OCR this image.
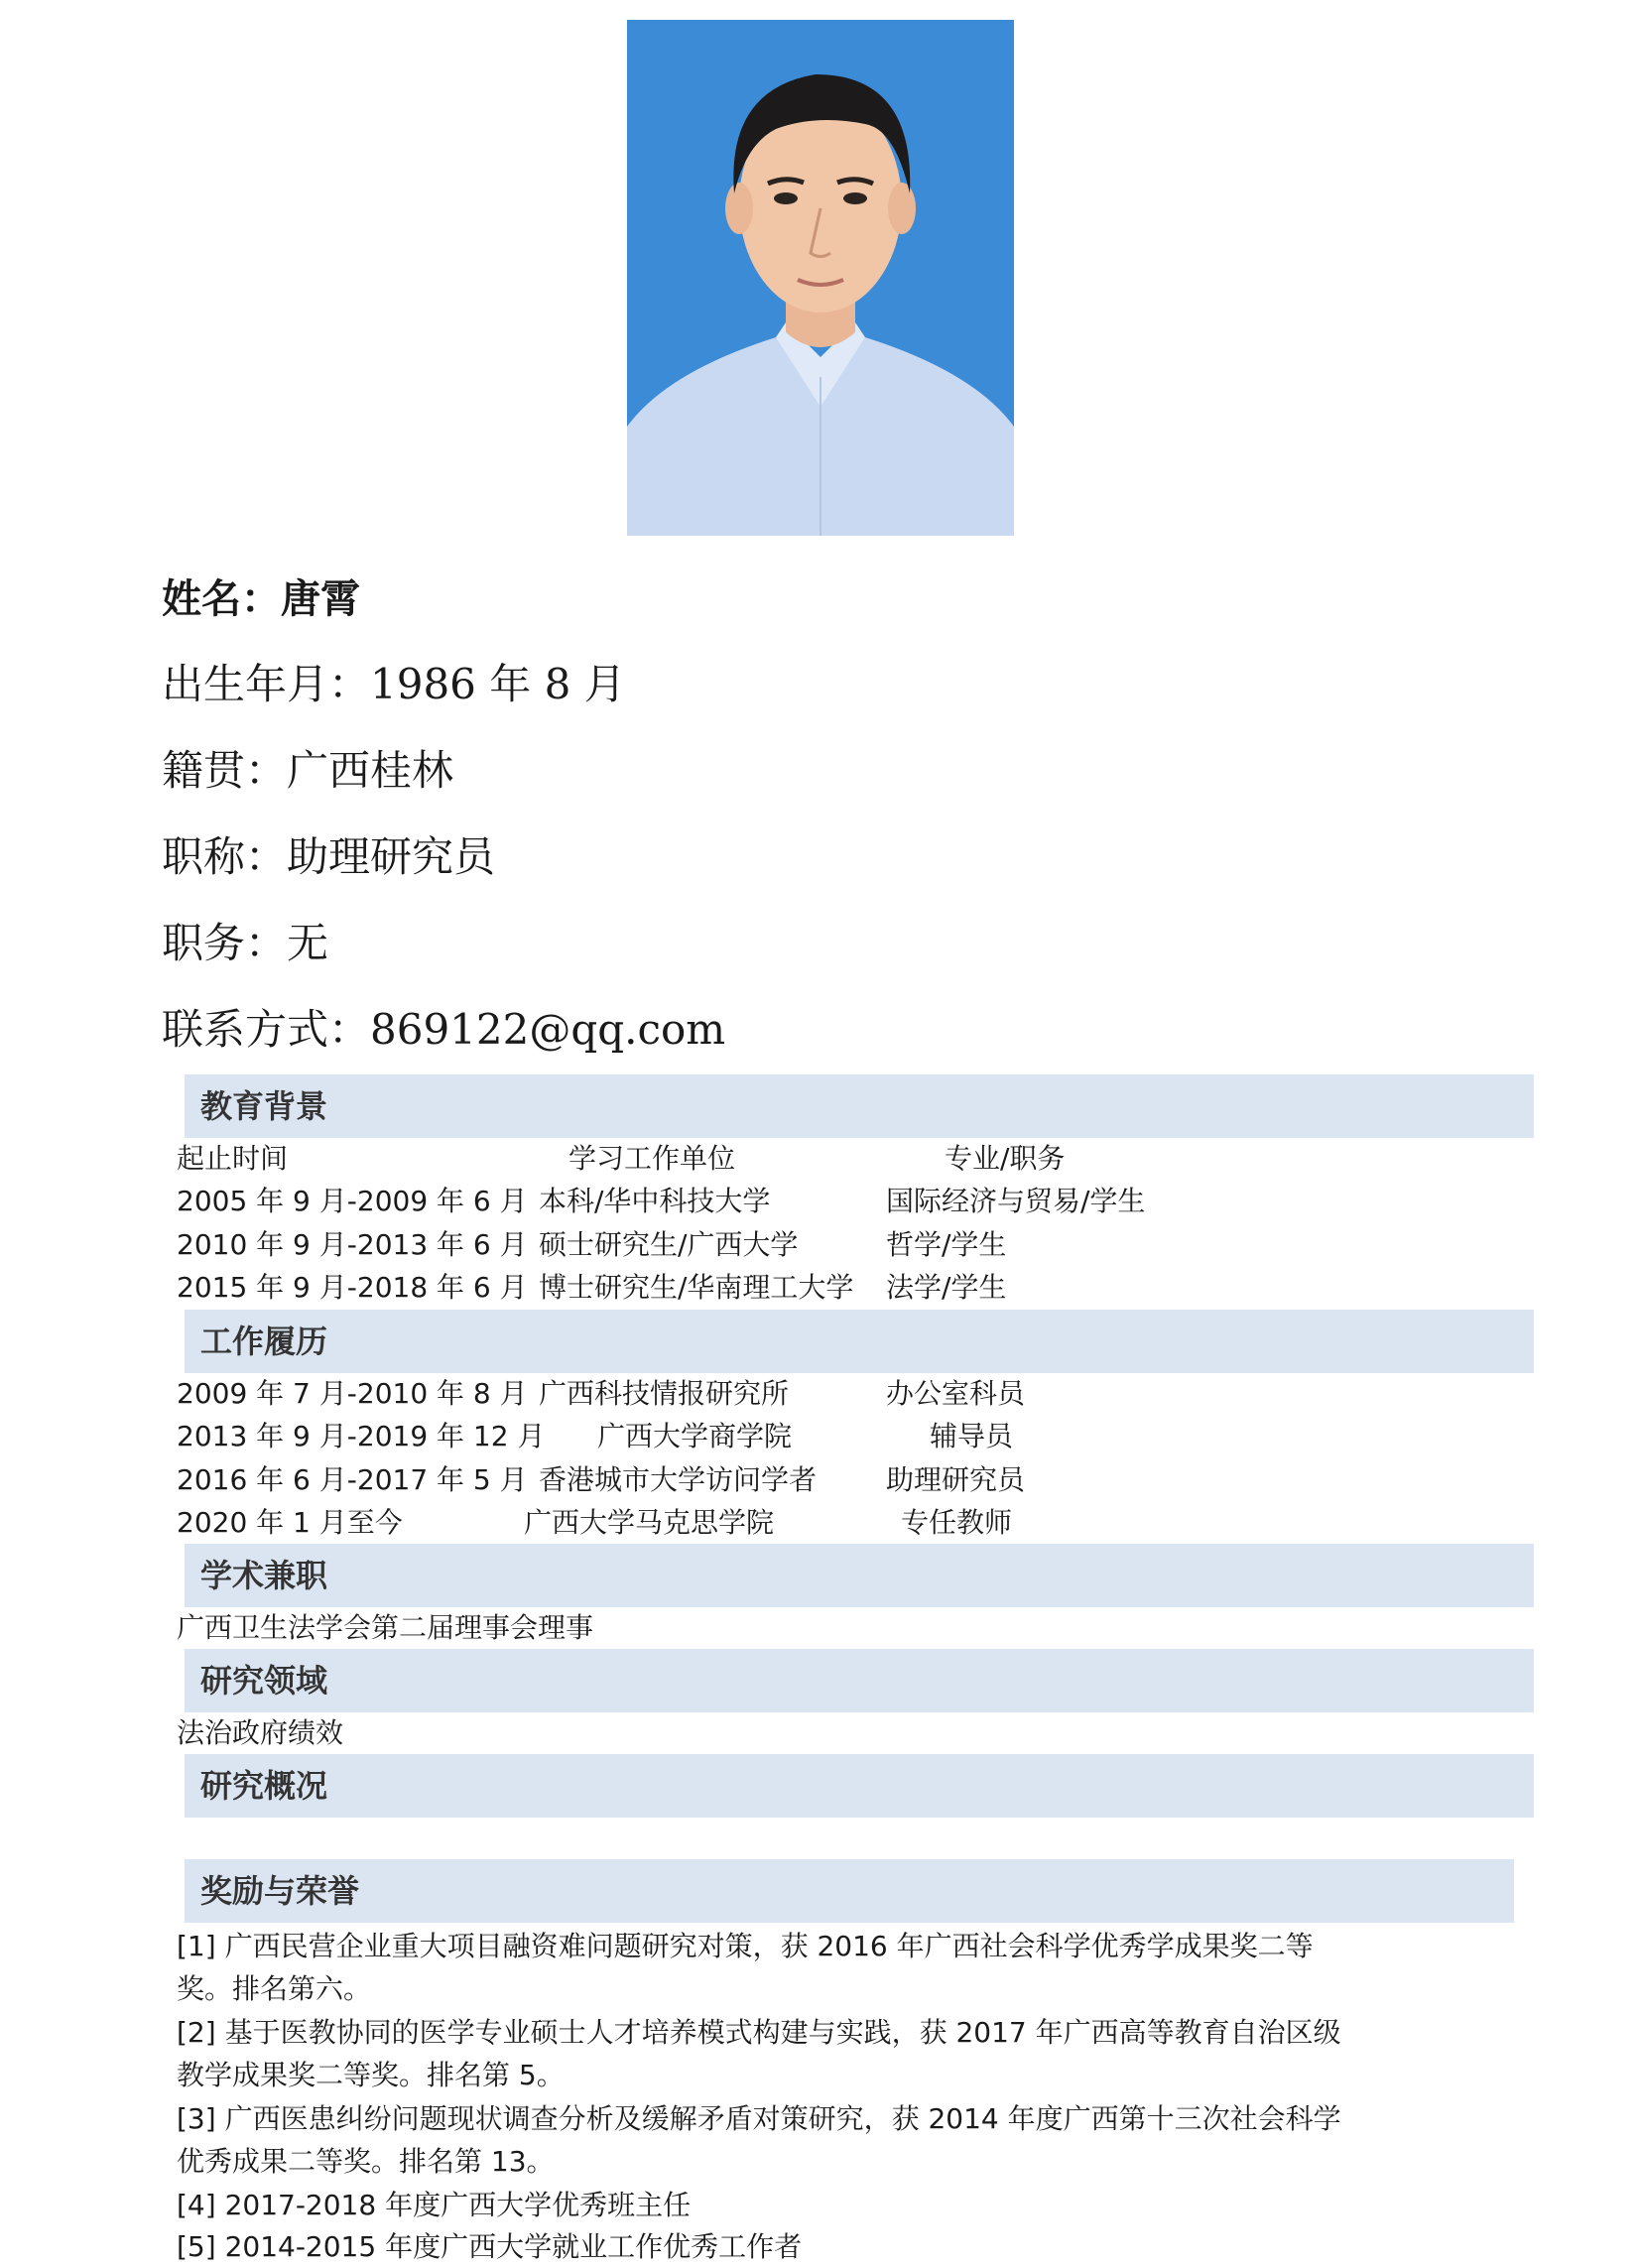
姓名：唐霄
出生年月：1986 年 8 月
籍贯：广西桂林
职称：助理研究员
职务：无
联系方式：869122@qq.com
教育背景
起止时间	学习工作单位	专业/职务
2005 年 9 月-2009 年 6 月 本科/华中科技大学	国际经济与贸易/学生
2010 年 9 月-2013 年 6 月 硕士研究生/广西大学	哲学/学生
2015 年 9 月-2018 年 6 月 博士研究生/华南理工大学 法学/学生
工作履历
2009 年 7 月-2010 年 8 月 广西科技情报研究所	办公室科员
2013 年 9 月-2019 年 12 月 广西大学商学院	辅导员
2016 年 6 月-2017 年 5 月 香港城市大学访问学者 助理研究员
2020 年 1 月至今	广西大学马克思学院	专任教师
学术兼职
广西卫生法学会第二届理事会理事
研究领域
法治政府绩效
研究概况
奖励与荣誉
[1] 广西民营企业重大项目融资难问题研究对策，获 2016 年广西社会科学优秀学成果奖二等
奖。排名第六。
[2] 基于医教协同的医学专业硕士人才培养模式构建与实践，获 2017 年广西高等教育自治区级
教学成果奖二等奖。排名第 5。
[3] 广西医患纠纷问题现状调查分析及缓解矛盾对策研究，获 2014 年度广西第十三次社会科学
优秀成果二等奖。排名第 13。
[4] 2017-2018 年度广西大学优秀班主任
[5] 2014-2015 年度广西大学就业工作优秀工作者
